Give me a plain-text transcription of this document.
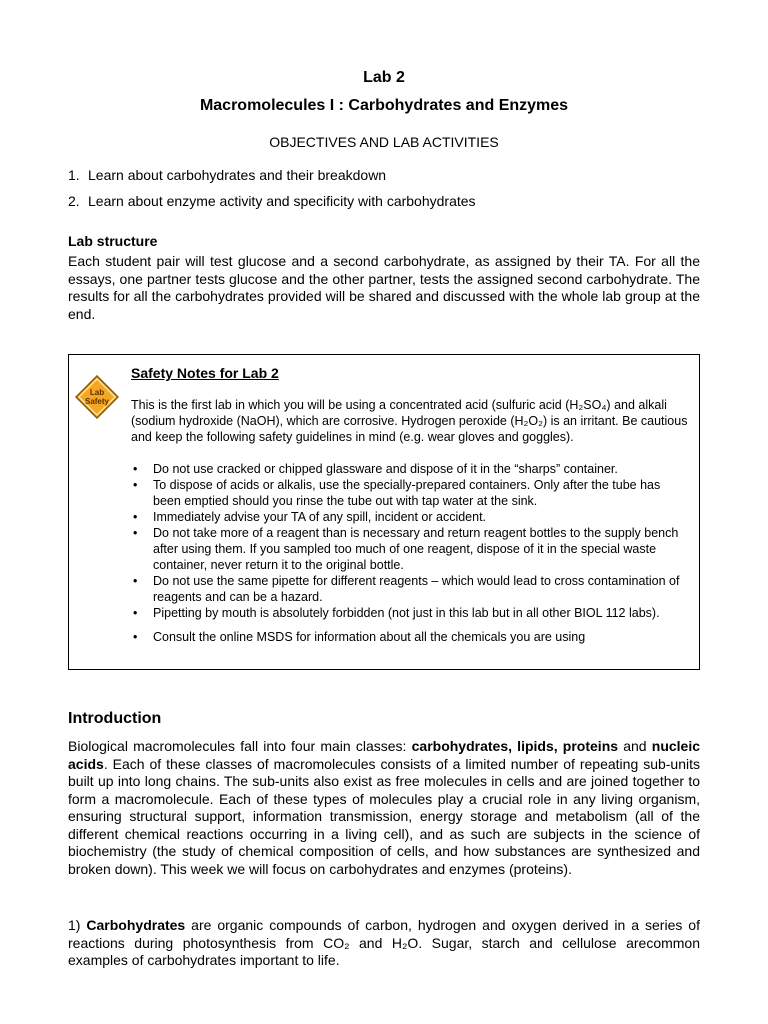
Lab 2
Macromolecules I : Carbohydrates and Enzymes
OBJECTIVES AND LAB ACTIVITIES
1. Learn about carbohydrates and their breakdown
2. Learn about enzyme activity and specificity with carbohydrates
Lab structure

Each student pair will test glucose and a second carbohydrate, as assigned by their TA. For all the essays, one partner tests glucose and the other partner, tests the assigned second carbohydrate. The results for all the carbohydrates provided will be shared and discussed with the whole lab group at the end.

Lab
Safety
Safety Notes for Lab 2

This is the first lab in which you will be using a concentrated acid (sulfuric acid (H₂SO₄) and alkali (sodium hydroxide (NaOH), which are corrosive. Hydrogen peroxide (H₂O₂) is an irritant. Be cautious and keep the following safety guidelines in mind (e.g. wear gloves and goggles).

• Do not use cracked or chipped glassware and dispose of it in the “sharps” container.
• To dispose of acids or alkalis, use the specially-prepared containers. Only after the tube has been emptied should you rinse the tube out with tap water at the sink.
• Immediately advise your TA of any spill, incident or accident.
• Do not take more of a reagent than is necessary and return reagent bottles to the supply bench after using them. If you sampled too much of one reagent, dispose of it in the special waste container, never return it to the original bottle.
• Do not use the same pipette for different reagents – which would lead to cross contamination of reagents and can be a hazard.
• Pipetting by mouth is absolutely forbidden (not just in this lab but in all other BIOL 112 labs).
• Consult the online MSDS for information about all the chemicals you are using
Introduction

Biological macromolecules fall into four main classes: carbohydrates, lipids, proteins and nucleic acids. Each of these classes of macromolecules consists of a limited number of repeating sub-units built up into long chains. The sub-units also exist as free molecules in cells and are joined together to form a macromolecule. Each of these types of molecules play a crucial role in any living organism, ensuring structural support, information transmission, energy storage and metabolism (all of the different chemical reactions occurring in a living cell), and as such are subjects in the science of biochemistry (the study of chemical composition of cells, and how substances are synthesized and broken down). This week we will focus on carbohydrates and enzymes (proteins).

1) Carbohydrates are organic compounds of carbon, hydrogen and oxygen derived in a series of reactions during photosynthesis from CO₂ and H₂O. Sugar, starch and cellulose arecommon examples of carbohydrates important to life.
